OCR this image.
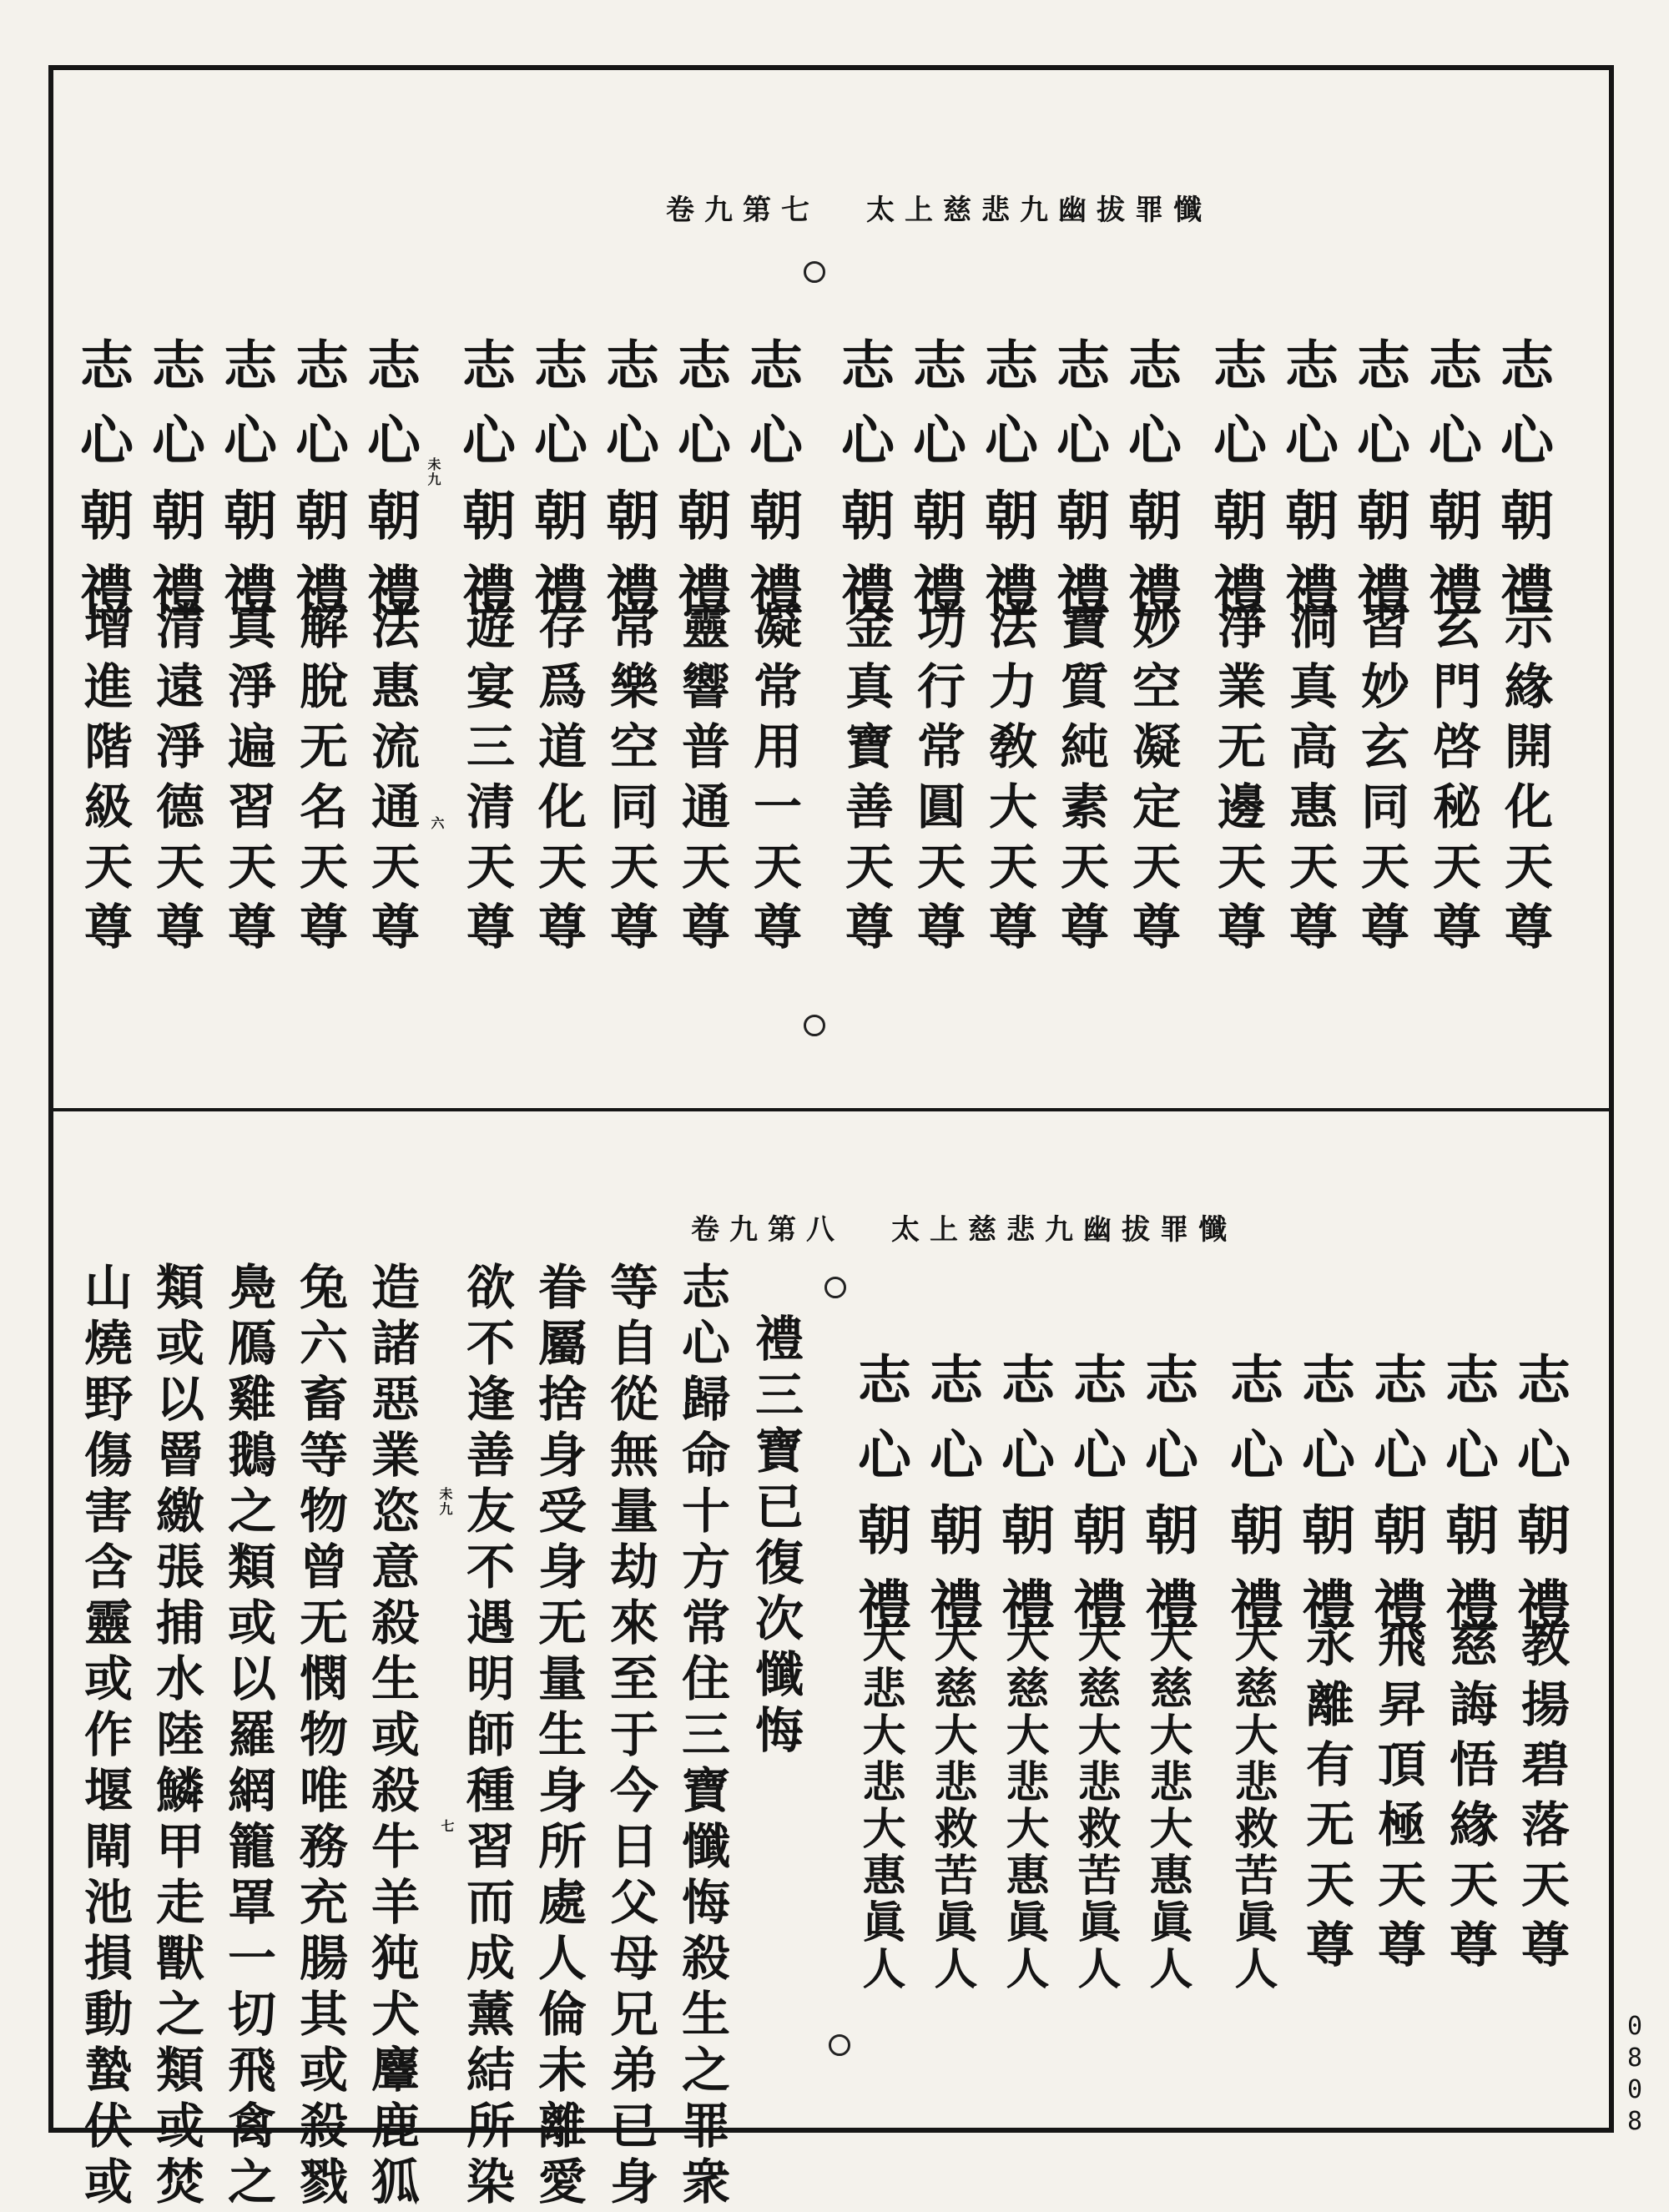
太上慈悲九幽拔罪懺
卷九第七
太上慈悲九幽拔罪懺
卷九第八
志心朝禮
志心朝禮
志心朝禮
志心朝禮
志心朝禮
志心朝禮
志心朝禮
志心朝禮
志心朝禮
志心朝禮
志心朝禮
志心朝禮
志心朝禮
志心朝禮
志心朝禮
志心朝禮
志心朝禮
志心朝禮
志心朝禮
志心朝禮
示緣開化天尊
玄門啓秘天尊
習妙玄同天尊
洞真高惠天尊
淨業无邊天尊
妙空凝定天尊
寶質純素天尊
法力敎大天尊
功行常圓天尊
金真寶善天尊
凝常用一天尊
靈響普通天尊
常樂空同天尊
存爲道化天尊
遊宴三清天尊
法惠流通天尊
解脫无名天尊
真淨遍習天尊
清遠淨德天尊
增進階級天尊
未九
六
志心朝禮
志心朝禮
志心朝禮
志心朝禮
志心朝禮
志心朝禮
志心朝禮
志心朝禮
志心朝禮
志心朝禮
教揚碧落天尊
慈誨悟緣天尊
飛昇頂極天尊
永離有无天尊
大慈大悲救苦眞人
大慈大悲大惠眞人
大慈大悲救苦眞人
大慈大悲大惠眞人
大慈大悲救苦眞人
大悲大悲大惠眞人
禮三寶已復次懺悔
志心歸命十方常住三寶懺悔殺生之罪衆
等自從無量劫來至于今日父母兄弟已身
眷屬捨身受身无量生身所處人倫未離愛
欲不逢善友不遇明師種習而成薰結所染
造諸惡業恣意殺生或殺牛羊㹠犬麞鹿狐
兔六畜等物曾无憫物唯務充腸其或殺戮
鳧鴈雞鵝之類或以羅網籠罩一切飛禽之
類或以罾繳張捕水陸鱗甲走獸之類或焚
山燒野傷害含靈或作堰閘池損動蟄伏或	未九
七
0
8
0
8
